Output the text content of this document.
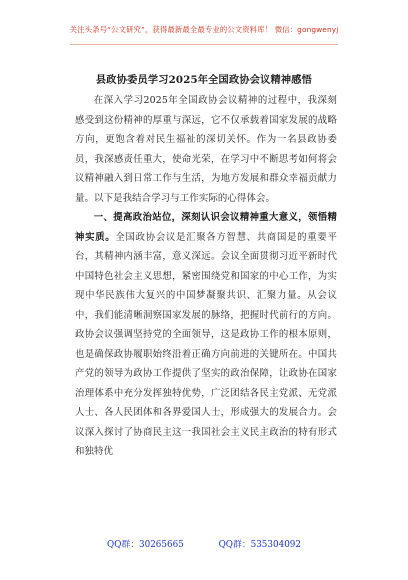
关注头条号“公文研究”，获得最新最全最专业的公文资料库！ 微信：gongwenyj
县政协委员学习2025年全国政协会议精神感悟

在深入学习2025年全国政协会议精神的过程中，我深刻感受到这份精神的厚重与深远，它不仅承载着国家发展的战略方向，更饱含着对民生福祉的深切关怀。作为一名县政协委员，我深感责任重大，使命光荣，在学习中不断思考如何将会议精神融入到日常工作与生活，为地方发展和群众幸福贡献力量。以下是我结合学习与工作实际的心得体会。

一、提高政治站位，深刻认识会议精神重大意义，领悟精神实质。全国政协会议是汇聚各方智慧、共商国是的重要平台，其精神内涵丰富，意义深远。会议全面贯彻习近平新时代中国特色社会主义思想，紧密围绕党和国家的中心工作，为实现中华民族伟大复兴的中国梦凝聚共识、汇聚力量。从会议中，我们能清晰洞察国家发展的脉络，把握时代前行的方向。政协会议强调坚持党的全面领导，这是政协工作的根本原则，也是确保政协履职始终沿着正确方向前进的关键所在。中国共产党的领导为政协工作提供了坚实的政治保障，让政协在国家治理体系中充分发挥独特优势，广泛团结各民主党派、无党派人士、各人民团体和各界爱国人士，形成强大的发展合力。会议深入探讨了协商民主这一我国社会主义民主政治的特有形式和独特优

QQ群：30265665	QQ群：535304092
